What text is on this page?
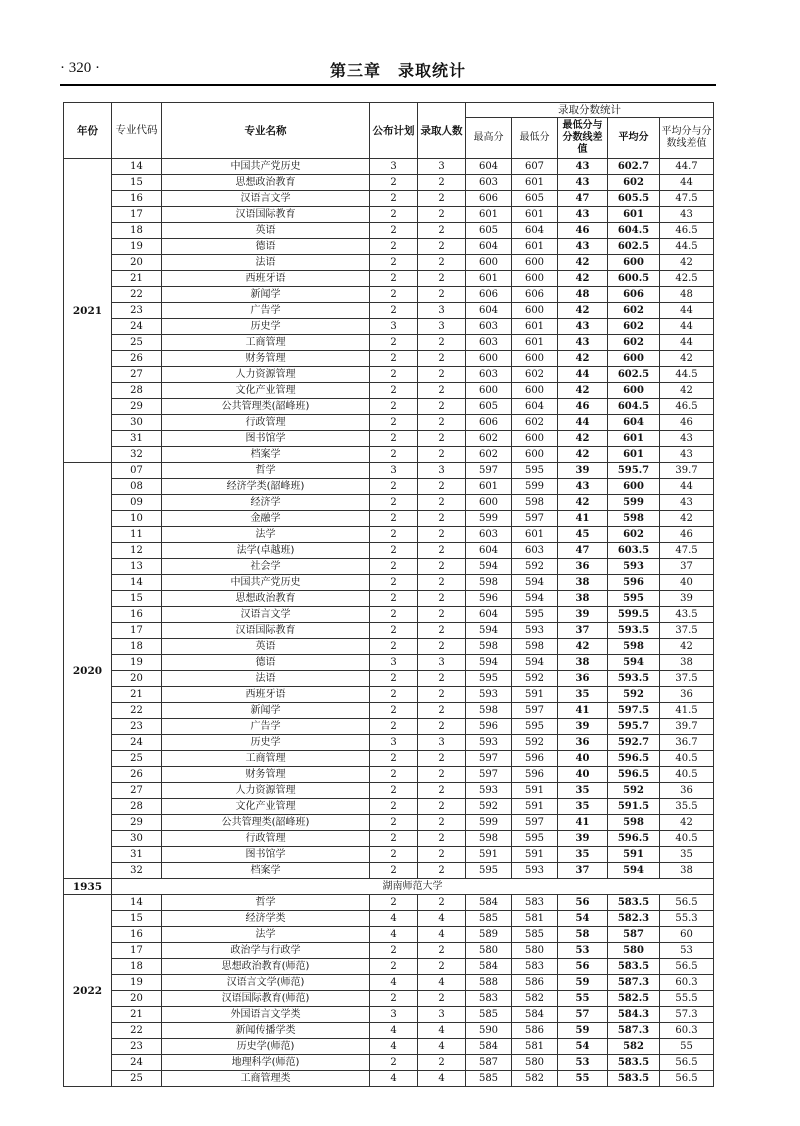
· 320 ·	第三章　录取统计
年份	专业代码	专业名称	公布计划	录取人数	录取分数统计				
					最高分	最低分	最低分与分数线差值	平均分	平均分与分数线差值
2021	14	中国共产党历史	3	3	604	607	43	602.7	44.7
	15	思想政治教育	2	2	603	601	43	602	44
	16	汉语言文学	2	2	606	605	47	605.5	47.5
	17	汉语国际教育	2	2	601	601	43	601	43
	18	英语	2	2	605	604	46	604.5	46.5
	19	德语	2	2	604	601	43	602.5	44.5
	20	法语	2	2	600	600	42	600	42
	21	西班牙语	2	2	601	600	42	600.5	42.5
	22	新闻学	2	2	606	606	48	606	48
	23	广告学	2	3	604	600	42	602	44
	24	历史学	3	3	603	601	43	602	44
	25	工商管理	2	2	603	601	43	602	44
	26	财务管理	2	2	600	600	42	600	42
	27	人力资源管理	2	2	603	602	44	602.5	44.5
	28	文化产业管理	2	2	600	600	42	600	42
	29	公共管理类(韶峰班)	2	2	605	604	46	604.5	46.5
	30	行政管理	2	2	606	602	44	604	46
	31	图书馆学	2	2	602	600	42	601	43
	32	档案学	2	2	602	600	42	601	43
2020	07	哲学	3	3	597	595	39	595.7	39.7
	08	经济学类(韶峰班)	2	2	601	599	43	600	44
	09	经济学	2	2	600	598	42	599	43
	10	金融学	2	2	599	597	41	598	42
	11	法学	2	2	603	601	45	602	46
	12	法学(卓越班)	2	2	604	603	47	603.5	47.5
	13	社会学	2	2	594	592	36	593	37
	14	中国共产党历史	2	2	598	594	38	596	40
	15	思想政治教育	2	2	596	594	38	595	39
	16	汉语言文学	2	2	604	595	39	599.5	43.5
	17	汉语国际教育	2	2	594	593	37	593.5	37.5
	18	英语	2	2	598	598	42	598	42
	19	德语	3	3	594	594	38	594	38
	20	法语	2	2	595	592	36	593.5	37.5
	21	西班牙语	2	2	593	591	35	592	36
	22	新闻学	2	2	598	597	41	597.5	41.5
	23	广告学	2	2	596	595	39	595.7	39.7
	24	历史学	3	3	593	592	36	592.7	36.7
	25	工商管理	2	2	597	596	40	596.5	40.5
	26	财务管理	2	2	597	596	40	596.5	40.5
	27	人力资源管理	2	2	593	591	35	592	36
	28	文化产业管理	2	2	592	591	35	591.5	35.5
	29	公共管理类(韶峰班)	2	2	599	597	41	598	42
	30	行政管理	2	2	598	595	39	596.5	40.5
	31	图书馆学	2	2	591	591	35	591	35
	32	档案学	2	2	595	593	37	594	38
1935	湖南师范大学								
2022	14	哲学	2	2	584	583	56	583.5	56.5
	15	经济学类	4	4	585	581	54	582.3	55.3
	16	法学	4	4	589	585	58	587	60
	17	政治学与行政学	2	2	580	580	53	580	53
	18	思想政治教育(师范)	2	2	584	583	56	583.5	56.5
	19	汉语言文学(师范)	4	4	588	586	59	587.3	60.3
	20	汉语国际教育(师范)	2	2	583	582	55	582.5	55.5
	21	外国语言文学类	3	3	585	584	57	584.3	57.3
	22	新闻传播学类	4	4	590	586	59	587.3	60.3
	23	历史学(师范)	4	4	584	581	54	582	55
	24	地理科学(师范)	2	2	587	580	53	583.5	56.5
	25	工商管理类	4	4	585	582	55	583.5	56.5
